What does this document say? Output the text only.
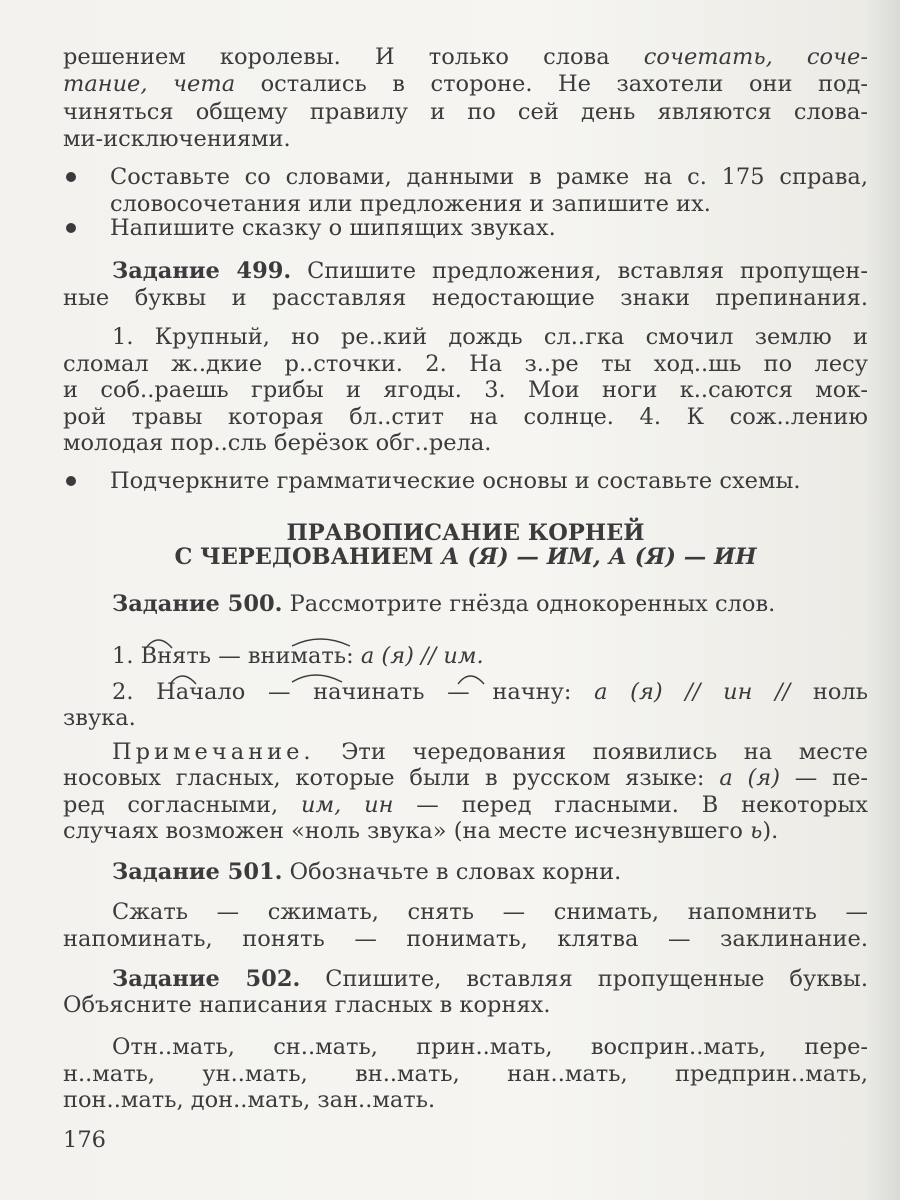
решением королевы. И только слова сочетать, соче-
тание, чета остались в стороне. Не захотели они под-
чиняться общему правилу и по сей день являются слова-
ми-исключениями.
Составьте со словами, данными в рамке на с. 175 справа,
словосочетания или предложения и запишите их.
Напишите сказку о шипящих звуках.
Задание 499. Спишите предложения, вставляя пропущен-
ные буквы и расставляя недостающие знаки препинания.
1. Крупный, но ре..кий дождь сл..гка смочил землю и
сломал ж..дкие р..сточки. 2. На з..ре ты ход..шь по лесу
и соб..раешь грибы и ягоды. 3. Мои ноги к..саются мок-
рой травы которая бл..стит на солнце. 4. К сож..лению
молодая пор..сль берёзок обг..рела.
Подчеркните грамматические основы и составьте схемы.
ПРАВОПИСАНИЕ КОРНЕЙ
С ЧЕРЕДОВАНИЕМ А (Я) — ИМ, А (Я) — ИН
Задание 500. Рассмотрите гнёзда однокоренных слов.
1. Внять — внимать: а (я) // им.
2. Начало — начинать — начну: а (я) // ин // ноль
звука.
Примечание. Эти чередования появились на месте
носовых гласных, которые были в русском языке: а (я) — пе-
ред согласными, им, ин — перед гласными. В некоторых
случаях возможен «ноль звука» (на месте исчезнувшего ь).
Задание 501. Обозначьте в словах корни.
Сжать — сжимать, снять — снимать, напомнить —
напоминать, понять — понимать, клятва — заклинание.
Задание 502. Спишите, вставляя пропущенные буквы.
Объясните написания гласных в корнях.
Отн..мать, сн..мать, прин..мать, восприн..мать, пере-
н..мать, ун..мать, вн..мать, нан..мать, предприн..мать,
пон..мать, дон..мать, зан..мать.
176
